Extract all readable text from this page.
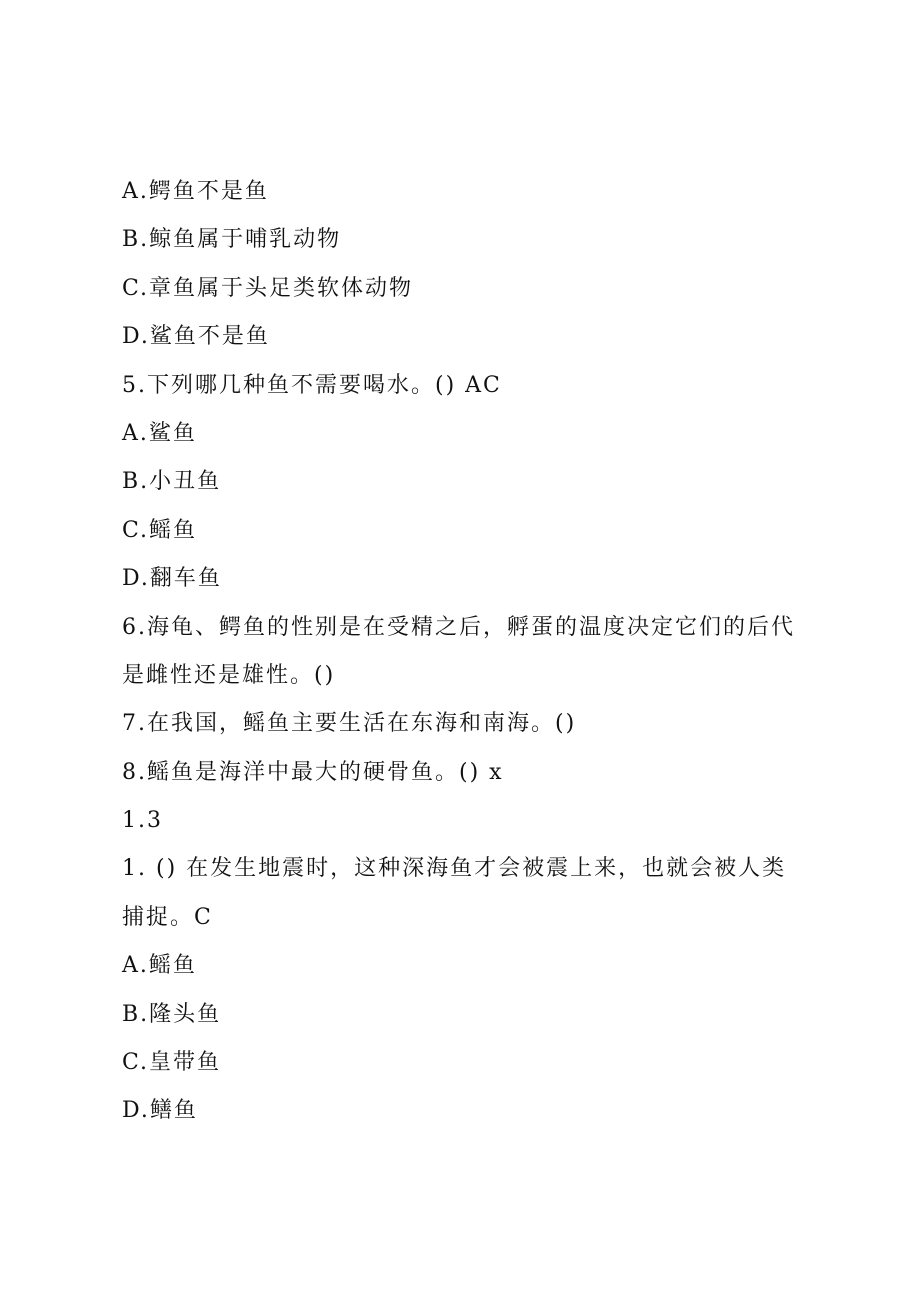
A.鳄鱼不是鱼
B.鲸鱼属于哺乳动物
C.章鱼属于头足类软体动物
D.鲨鱼不是鱼
5.下列哪几种鱼不需要喝水。() AC
A.鲨鱼
B.小丑鱼
C.鳐鱼
D.翻车鱼
6.海龟、鳄鱼的性别是在受精之后，孵蛋的温度决定它们的后代
是雌性还是雄性。()
7.在我国，鳐鱼主要生活在东海和南海。()
8.鳐鱼是海洋中最大的硬骨鱼。() x
1.3
1. () 在发生地震时，这种深海鱼才会被震上来，也就会被人类
捕捉。C
A.鳐鱼
B.隆头鱼
C.皇带鱼
D.鳝鱼
